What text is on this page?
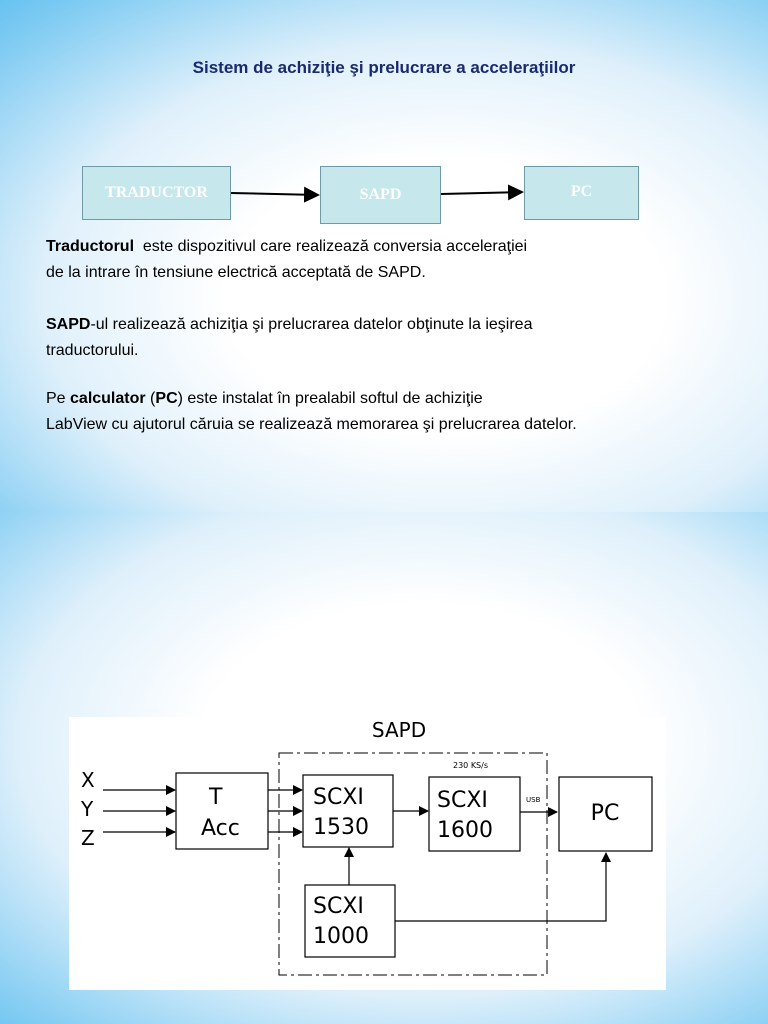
Sistem de achiziţie şi prelucrare a acceleraţiilor
TRADUCTOR	SAPD	PC
Traductorul  este dispozitivul care realizează conversia acceleraţiei
de la intrare în tensiune electrică acceptată de SAPD.
SAPD-ul realizează achiziţia şi prelucrarea datelor obţinute la ieşirea
traductorului.
Pe calculator (PC) este instalat în prealabil softul de achiziţie
LabView cu ajutorul căruia se realizează memorarea şi prelucrarea datelor.
SAPD
X
Y
Z
T
Acc
SCXI
1530
230 KS/s
SCXI
1600
USB
PC
SCXI
1000
